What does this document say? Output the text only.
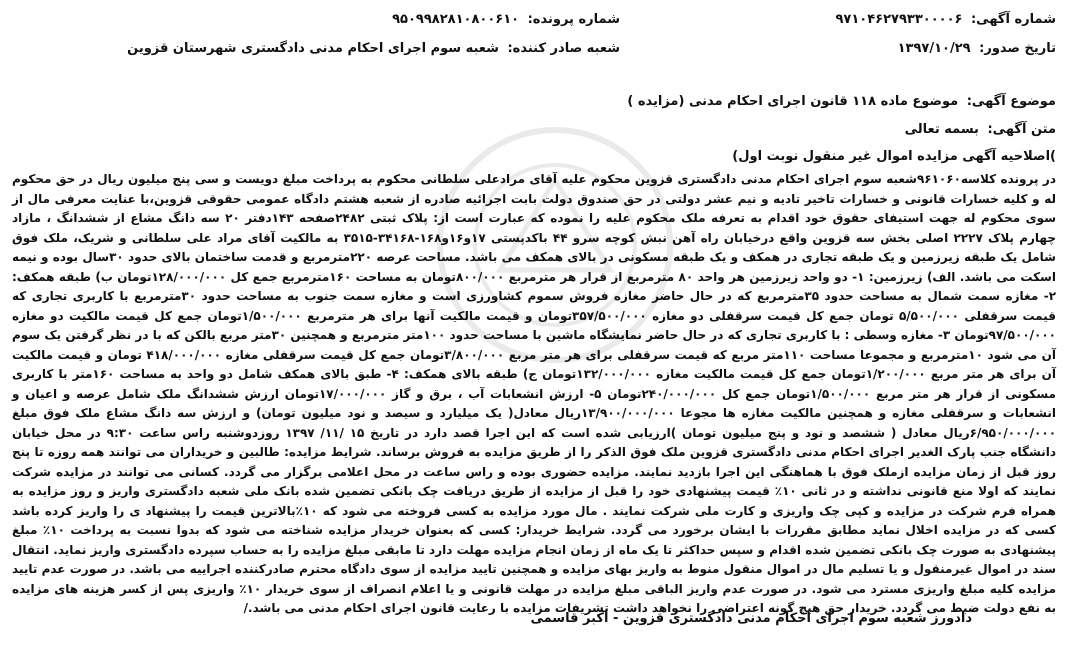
شماره آگهی: ۹۷۱۰۴۶۲۷۹۳۳۰۰۰۰۶
شماره پرونده: ۹۵۰۹۹۸۲۸۱۰۸۰۰۶۱۰
تاریخ صدور: ۱۳۹۷/۱۰/۲۹
شعبه صادر کننده: شعبه سوم اجرای احکام مدنی دادگستری شهرستان قزوین
موضوع آگهی: موضوع ماده ۱۱۸ قانون اجرای احکام مدنی (مزایده )
متن آگهی: بسمه تعالی
)اصلاحیه آگهی مزایده اموال غیر منقول نوبت اول)
در پرونده کلاسه۹۶۱۰۶۰شعبه سوم اجرای احکام مدنی دادگستری قزوین محکوم علیه آقای مرادعلی سلطانی محکوم به پرداخت مبلغ دویست و سی پنج میلیون ریال در حق محکوم له و کلیه خسارات قانونی و خسارات تاخیر تادیه و نیم عشر دولتی در حق صندوق دولت بابت اجرائیه صادره از شعبه هشتم دادگاه عمومی حقوقی قزوین،با عنایت معرفی مال از سوی محکوم له جهت استیفای حقوق خود اقدام به تعرفه ملک محکوم علیه را نموده که عبارت است از: پلاک ثبتی ۲۴۸۲صفحه ۱۴۳دفتر ۲۰ سه دانگ مشاع از ششدانگ ، مازاد چهارم پلاک ۲۲۲۷ اصلی بخش سه قزوین واقع درخیابان راه آهن نبش کوچه سرو ۴۴ باکدپستی ۱۷و۱۶و۱۶۸-۳۴۱۶۸-۳۵۱۵ به مالکیت آقای مراد علی سلطانی و شریک، ملک فوق شامل یک طبقه زیرزمین و یک طبقه تجاری در همکف و یک طبقه مسکونی در بالای همکف می باشد. مساحت عرصه ۲۲۰مترمربع و قدمت ساختمان بالای حدود ۳۰سال بوده و نیمه اسکت می باشد. الف) زیرزمین: ۱- دو واحد زیرزمین هر واحد ۸۰ مترمربع از قرار هر مترمربع ۸۰۰/۰۰۰تومان به مساحت ۱۶۰مترمربع جمع کل ۱۲۸/۰۰۰/۰۰۰تومان ب) طبقه همکف: ۲- مغازه سمت شمال به مساحت حدود ۳۵مترمربع که در حال حاضر مغازه فروش سموم کشاورزی است و مغازه سمت جنوب به مساحت حدود ۳۰مترمربع با کاربری تجاری که قیمت سرقفلی ۵/۵۰۰/۰۰۰ تومان جمع کل قیمت سرقفلی دو مغازه ۳۵۷/۵۰۰/۰۰۰تومان و قیمت مالکیت آنها برای هر مترمربع ۱/۵۰۰/۰۰۰تومان جمع کل قیمت مالکیت دو مغازه ۹۷/۵۰۰/۰۰۰تومان ۳- مغازه وسطی : با کاربری تجاری که در حال حاضر نمایشگاه ماشین با مساحت حدود ۱۰۰متر مترمربع و همچنین ۳۰متر مربع بالکن که با در نظر گرفتن یک سوم آن می شود ۱۰مترمربع و مجموعا مساحت ۱۱۰متر مربع که قیمت سرقفلی برای هر متر مربع ۳/۸۰۰/۰۰۰تومان جمع کل قیمت سرقفلی مغازه ۴۱۸/۰۰۰/۰۰۰ تومان و قیمت مالکیت آن برای هر متر مربع ۱/۲۰۰/۰۰۰تومان جمع کل قیمت مالکیت مغازه ۱۳۲/۰۰۰/۰۰۰تومان ج) طبقه بالای همکف: ۴- طبق بالای همکف شامل دو واحد به مساحت ۱۶۰متر با کاربری مسکونی از قرار هر متر مربع ۱/۵۰۰/۰۰۰تومان جمع کل ۲۴۰/۰۰۰/۰۰۰تومان ۵- ارزش انشعابات آب ، برق و گاز ۱۷/۰۰۰/۰۰۰تومان ارزش ششدانگ ملک شامل عرصه و اعیان و انشعابات و سرقفلی مغازه و همچنین مالکیت مغازه ها مجوعا ۱۳/۹۰۰/۰۰۰/۰۰۰ریال معادل( یک میلیارد و سیصد و نود میلیون تومان) و ارزش سه دانگ مشاع ملک فوق مبلغ ۶/۹۵۰/۰۰۰/۰۰۰ریال معادل ( ششصد و نود و پنج میلیون تومان )ارزیابی شده است که این اجرا قصد دارد در تاریخ ۱۵ /۱۱/ ۱۳۹۷ روزدوشنبه راس ساعت ۹:۳۰ در محل خیابان دانشگاه جنب پارک الغدیر اجرای احکام مدنی دادگستری قزوین ملک فوق الذکر را از طریق مزایده به فروش برساند. شرایط مزایده: طالبین و خریداران می توانند همه روزه تا پنج روز قبل از زمان مزایده ازملک فوق با هماهنگی این اجرا بازدید نمایند. مزایده حضوری بوده و راس ساعت در محل اعلامی برگزار می گردد. کسانی می توانند در مزایده شرکت نمایند که اولا منع قانونی نداشته و در ثانی ۱۰٪ قیمت پیشنهادی خود را قبل از مزایده از طریق دریافت چک بانکی تضمین شده بانک ملی شعبه دادگستری واریز و روز مزایده به همراه فرم شرکت در مزایده و کپی چک واریزی و کارت ملی شرکت نمایند . مال مورد مزایده به کسی فروخته می شود که ۱۰٪بالاترین قیمت را پیشنهاد ی را واریز کرده باشد کسی که در مزایده اخلال نماید مطابق مقررات با ایشان برخورد می گردد. شرایط خریدار: کسی که بعنوان خریدار مزایده شناخته می شود که بدوا نسبت به پرداخت ۱۰٪ مبلغ پیشنهادی به صورت چک بانکی تضمین شده اقدام و سپس حداکثر تا یک ماه از زمان انجام مزایده مهلت دارد تا مابقی مبلغ مزایده را به حساب سپرده دادگستری واریز نماید. انتقال سند در اموال غیرمنقول و یا تسلیم مال در اموال منقول منوط به واریز بهای مزایده و همچنین تایید مزایده از سوی دادگاه محترم صادرکننده اجراییه می باشد. در صورت عدم تایید مزایده کلیه مبلغ واریزی مسترد می شود. در صورت عدم واریز الباقی مبلغ مزایده در مهلت قانونی و یا اعلام انصراف از سوی خریدار ۱۰٪ واریزی پس از کسر هزینه های مزایده به نفع دولت ضبط می گردد. خریدار حق هیچ گونه اعتراضی را نخواهد داشت تشریفات مزایده با رعایت قانون اجرای احکام مدنی می باشد./
دادورز شعبه سوم اجرای احکام مدنی دادگستری قزوین - اکبر قاسمی
